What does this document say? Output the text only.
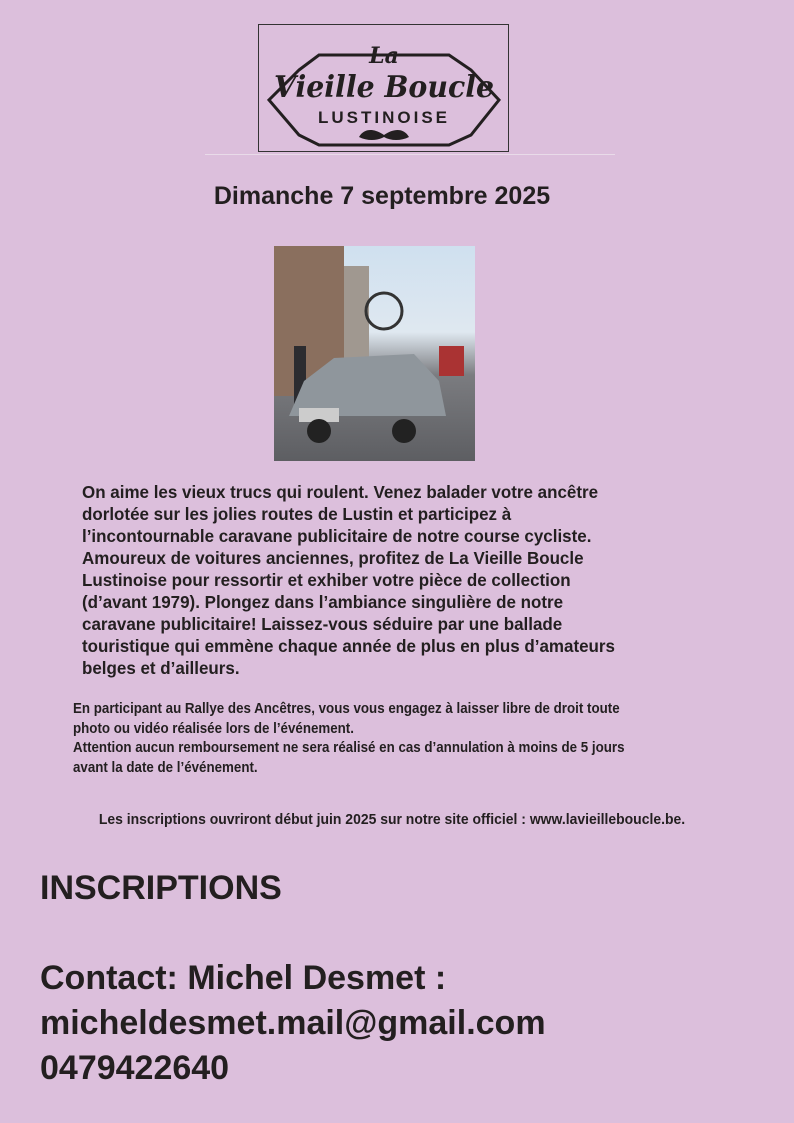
La
Vieille Boucle
LUSTINOISE
Dimanche 7 septembre 2025
On aime les vieux trucs qui roulent. Venez balader votre ancêtre
dorlotée sur les jolies routes de Lustin et participez à
l’incontournable caravane publicitaire de notre course cycliste.
Amoureux de voitures anciennes, profitez de La Vieille Boucle
Lustinoise pour ressortir et exhiber votre pièce de collection
(d’avant 1979). Plongez dans l’ambiance singulière de notre
caravane publicitaire! Laissez-vous séduire par une ballade
touristique qui emmène chaque année de plus en plus d’amateurs
belges et d’ailleurs.
En participant au Rallye des Ancêtres, vous vous engagez à laisser libre de droit toute
photo ou vidéo réalisée lors de l’événement.
Attention aucun remboursement ne sera réalisé en cas d’annulation à moins de 5 jours
avant la date de l’événement.
Les inscriptions ouvriront début juin 2025 sur notre site officiel : www.lavieilleboucle.be.
INSCRIPTIONS
Contact: Michel Desmet :
micheldesmet.mail@gmail.com
0479422640
